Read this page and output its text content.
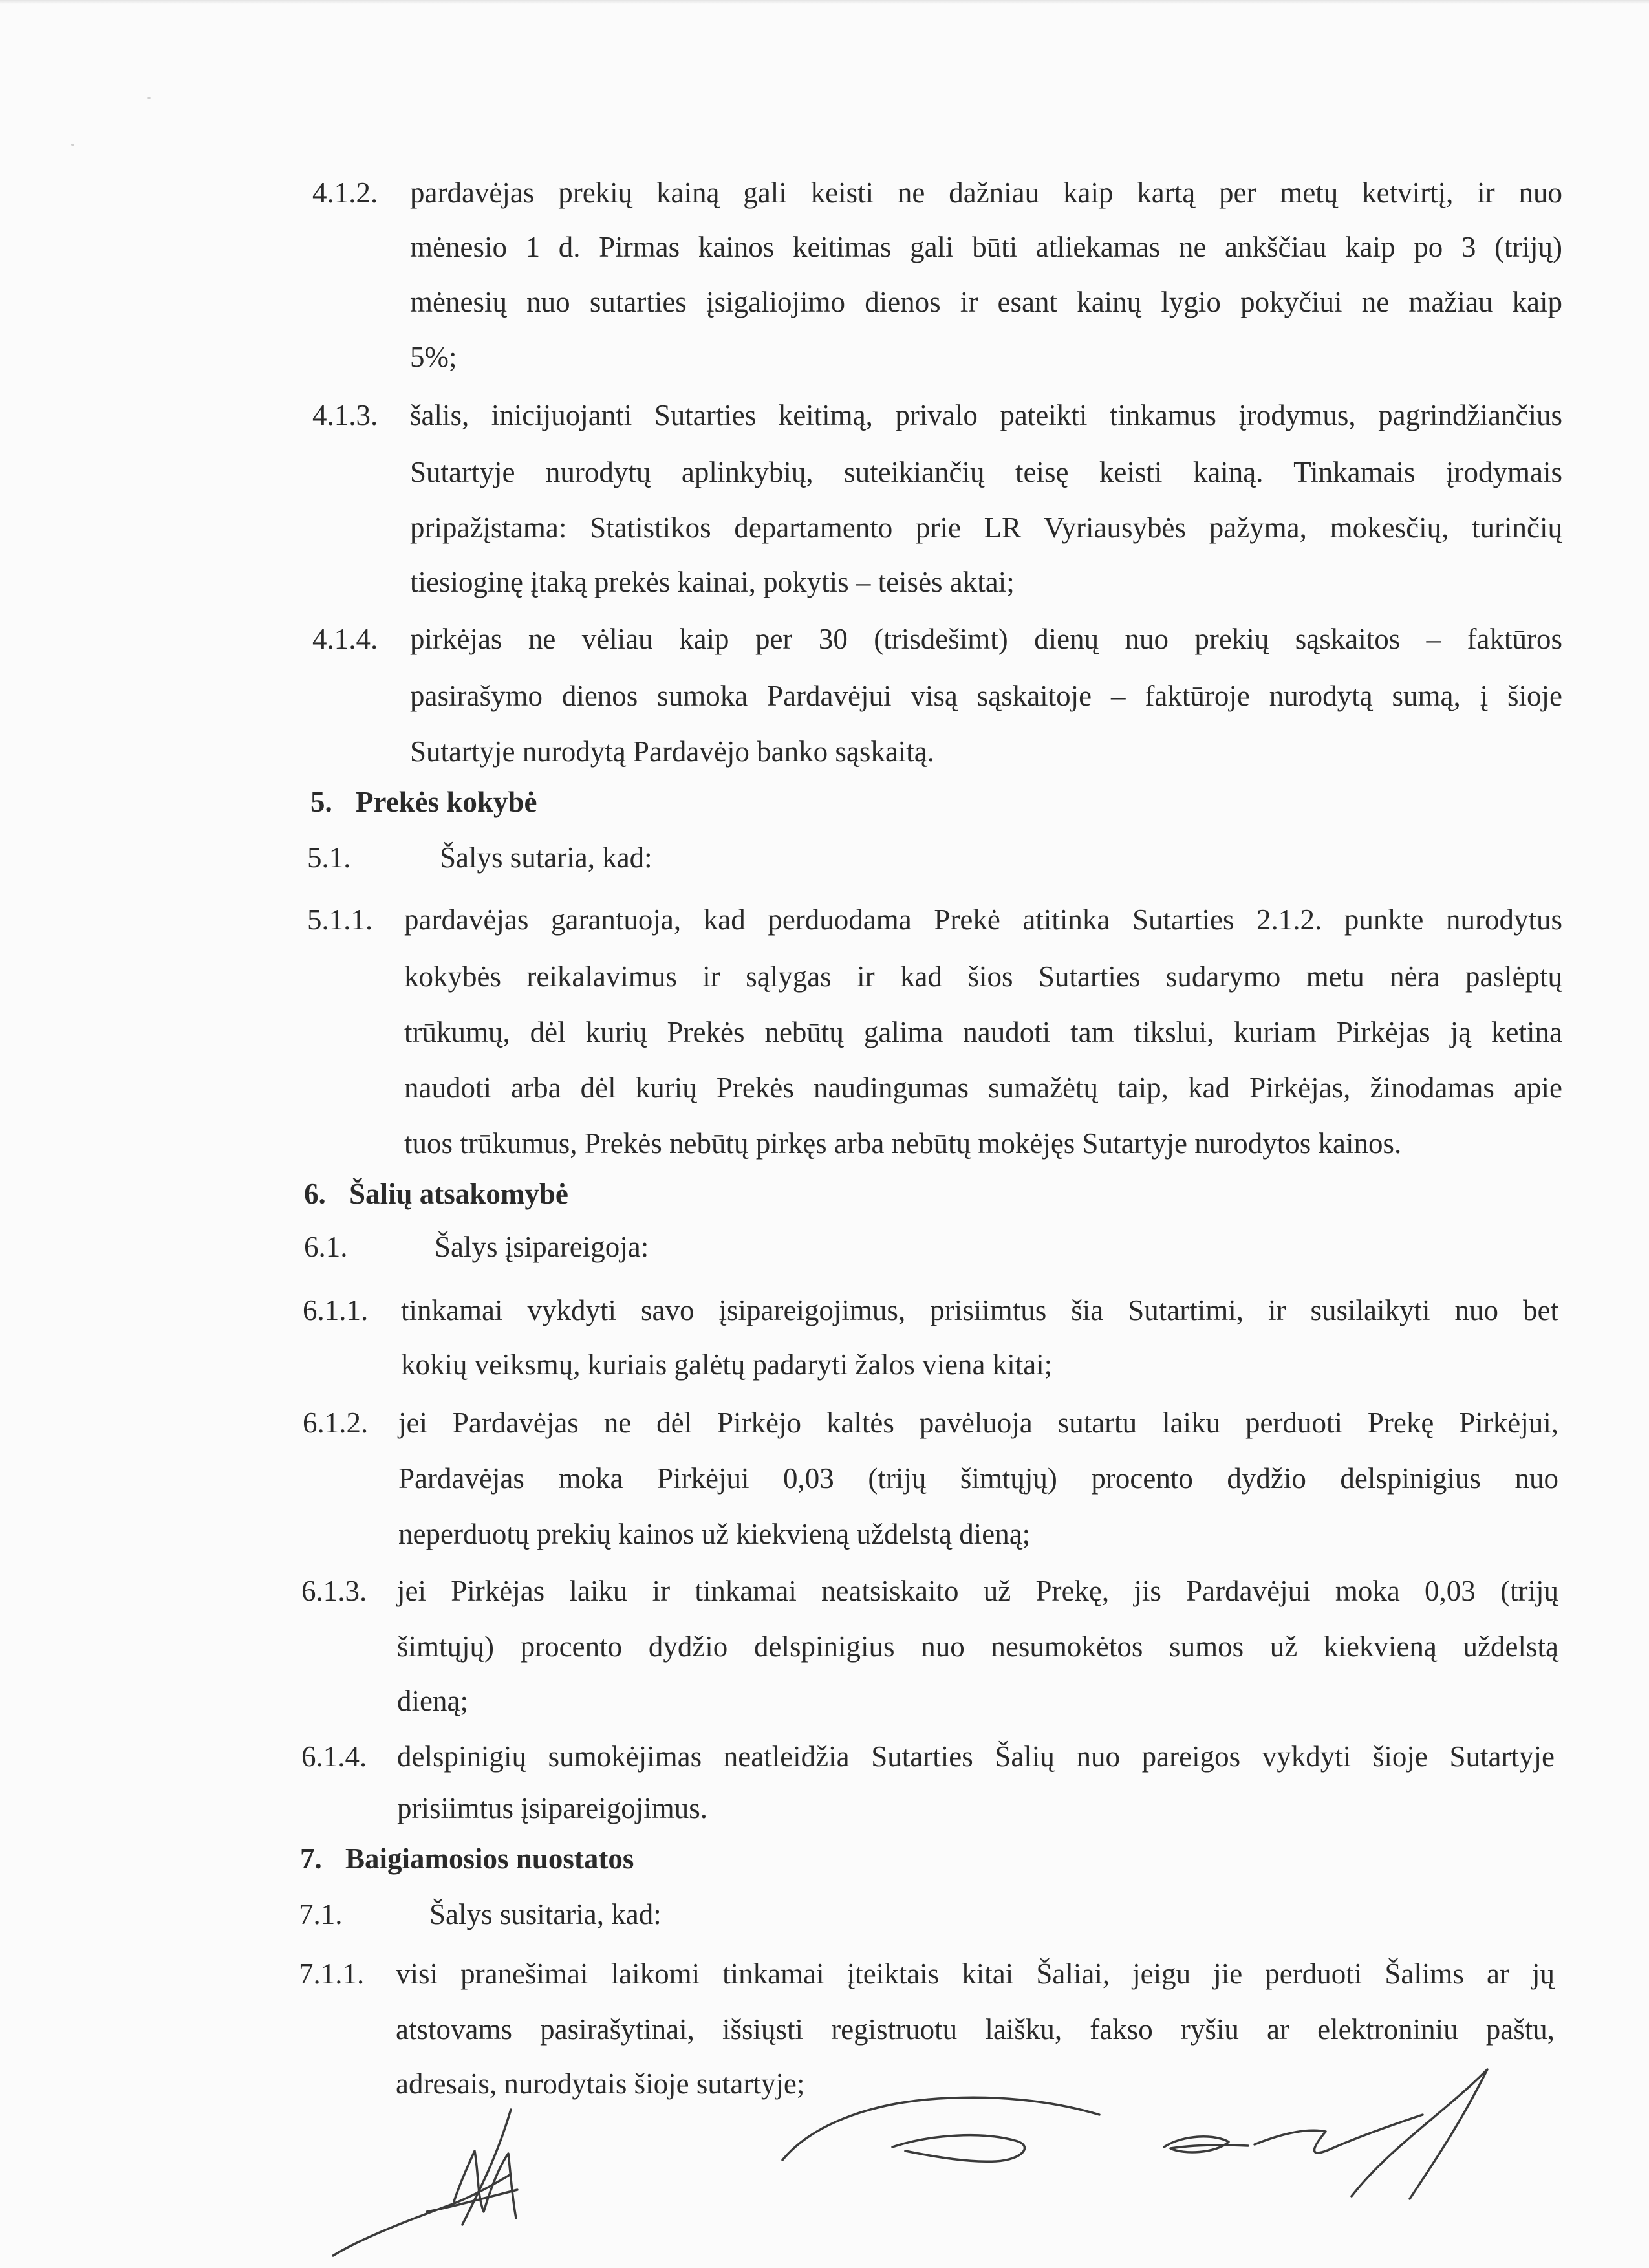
4.1.2. pardavėjas prekių kainą gali keisti ne dažniau kaip kartą per metų ketvirtį, ir nuo
mėnesio 1 d. Pirmas kainos keitimas gali būti atliekamas ne ankščiau kaip po 3 (trijų)
mėnesių nuo sutarties įsigaliojimo dienos ir esant kainų lygio pokyčiui ne mažiau kaip
5%;
4.1.3. šalis, inicijuojanti Sutarties keitimą, privalo pateikti tinkamus įrodymus, pagrindžiančius
Sutartyje nurodytų aplinkybių, suteikiančių teisę keisti kainą. Tinkamais įrodymais
pripažįstama: Statistikos departamento prie LR Vyriausybės pažyma, mokesčių, turinčių
tiesioginę įtaką prekės kainai, pokytis – teisės aktai;
4.1.4. pirkėjas ne vėliau kaip per 30 (trisdešimt) dienų nuo prekių sąskaitos – faktūros
pasirašymo dienos sumoka Pardavėjui visą sąskaitoje – faktūroje nurodytą sumą, į šioje
Sutartyje nurodytą Pardavėjo banko sąskaitą.
5. Prekės kokybė
5.1.	Šalys sutaria, kad:
5.1.1. pardavėjas garantuoja, kad perduodama Prekė atitinka Sutarties 2.1.2. punkte nurodytus
kokybės reikalavimus ir sąlygas ir kad šios Sutarties sudarymo metu nėra paslėptų
trūkumų, dėl kurių Prekės nebūtų galima naudoti tam tikslui, kuriam Pirkėjas ją ketina
naudoti arba dėl kurių Prekės naudingumas sumažėtų taip, kad Pirkėjas, žinodamas apie
tuos trūkumus, Prekės nebūtų pirkęs arba nebūtų mokėjęs Sutartyje nurodytos kainos.
6. Šalių atsakomybė
6.1.	Šalys įsipareigoja:
6.1.1. tinkamai vykdyti savo įsipareigojimus, prisiimtus šia Sutartimi, ir susilaikyti nuo bet
kokių veiksmų, kuriais galėtų padaryti žalos viena kitai;
6.1.2. jei Pardavėjas ne dėl Pirkėjo kaltės pavėluoja sutartu laiku perduoti Prekę Pirkėjui,
Pardavėjas moka Pirkėjui 0,03 (trijų šimtųjų) procento dydžio delspinigius nuo
neperduotų prekių kainos už kiekvieną uždelstą dieną;
6.1.3. jei Pirkėjas laiku ir tinkamai neatsiskaito už Prekę, jis Pardavėjui moka 0,03 (trijų
šimtųjų) procento dydžio delspinigius nuo nesumokėtos sumos už kiekvieną uždelstą
dieną;
6.1.4. delspinigių sumokėjimas neatleidžia Sutarties Šalių nuo pareigos vykdyti šioje Sutartyje
prisiimtus įsipareigojimus.
7. Baigiamosios nuostatos
7.1.	Šalys susitaria, kad:
7.1.1. visi pranešimai laikomi tinkamai įteiktais kitai Šaliai, jeigu jie perduoti Šalims ar jų
atstovams pasirašytinai, išsiųsti registruotu laišku, fakso ryšiu ar elektroniniu paštu,
adresais, nurodytais šioje sutartyje;
